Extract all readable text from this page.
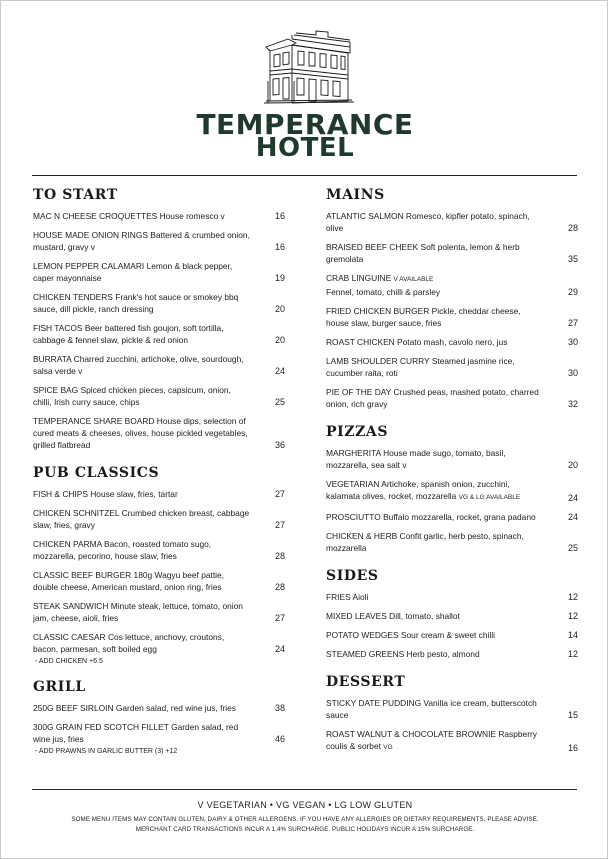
TEMPERANCE
HOTEL
TO START
MAC N CHEESE CROQUETTES House romesco v	16
HOUSE MADE ONION RINGS Battered & crumbed onion, mustard, gravy v	16
LEMON PEPPER CALAMARI Lemon & black pepper, caper mayonnaise	19
CHICKEN TENDERS Frank's hot sauce or smokey bbq sauce, dill pickle, ranch dressing	20
FISH TACOS Beer battered fish goujon, soft tortilla, cabbage & fennel slaw, pickle & red onion	20
BURRATA Charred zucchini, artichoke, olive, sourdough, salsa verde v	24
SPICE BAG Spiced chicken pieces, capsicum, onion, chilli, Irish curry sauce, chips	25
TEMPERANCE SHARE BOARD House dips, selection of cured meats & cheeses, olives, house pickled vegetables, grilled flatbread	36
PUB CLASSICS
FISH & CHIPS House slaw, fries, tartar	27
CHICKEN SCHNITZEL Crumbed chicken breast, cabbage slaw, fries, gravy	27
CHICKEN PARMA Bacon, roasted tomato sugo, mozzarella, pecorino, house slaw, fries	28
CLASSIC BEEF BURGER 180g Wagyu beef pattie, double cheese, American mustard, onion ring, fries	28
STEAK SANDWICH Minute steak, lettuce, tomato, onion jam, cheese, aioli, fries	27
CLASSIC CAESAR Cos lettuce, anchovy, croutons, bacon, parmesan, soft boiled egg	24
- ADD CHICKEN +6.5
GRILL
250G BEEF SIRLOIN Garden salad, red wine jus, fries	38
300G GRAIN FED SCOTCH FILLET Garden salad, red wine jus, fries	46
- ADD PRAWNS IN GARLIC BUTTER (3) +12
MAINS
ATLANTIC SALMON Romesco, kipfler potato, spinach, olive	28
BRAISED BEEF CHEEK Soft polenta, lemon & herb gremolata	35
CRAB LINGUINE V AVAILABLE
Fennel, tomato, chilli & parsley	29
FRIED CHICKEN BURGER Pickle, cheddar cheese, house slaw, burger sauce, fries	27
ROAST CHICKEN Potato mash, cavolo nero, jus	30
LAMB SHOULDER CURRY Steamed jasmine rice, cucumber raita, roti	30
PIE OF THE DAY Crushed peas, mashed potato, charred onion, rich gravy	32
PIZZAS
MARGHERITA House made sugo, tomato, basil, mozzarella, sea salt v	20
VEGETARIAN Artichoke, spanish onion, zucchini, kalamata olives, rocket, mozzarella VG & LG AVAILABLE	24
PROSCIUTTO Buffalo mozzarella, rocket, grana padano	24
CHICKEN & HERB Confit garlic, herb pesto, spinach, mozzarella	25
SIDES
FRIES Aioli	12
MIXED LEAVES Dill, tomato, shallot	12
POTATO WEDGES Sour cream & sweet chilli	14
STEAMED GREENS Herb pesto, almond	12
DESSERT
STICKY DATE PUDDING Vanilla ice cream, butterscotch sauce	15
ROAST WALNUT & CHOCOLATE BROWNIE Raspberry coulis & sorbet VG	16
V VEGETARIAN • VG VEGAN • LG LOW GLUTEN
SOME MENU ITEMS MAY CONTAIN GLUTEN, DAIRY & OTHER ALLERGENS. IF YOU HAVE ANY ALLERGIES OR DIETARY REQUIREMENTS, PLEASE ADVISE.
MERCHANT CARD TRANSACTIONS INCUR A 1.4% SURCHARGE. PUBLIC HOLIDAYS INCUR A 15% SURCHARGE.
